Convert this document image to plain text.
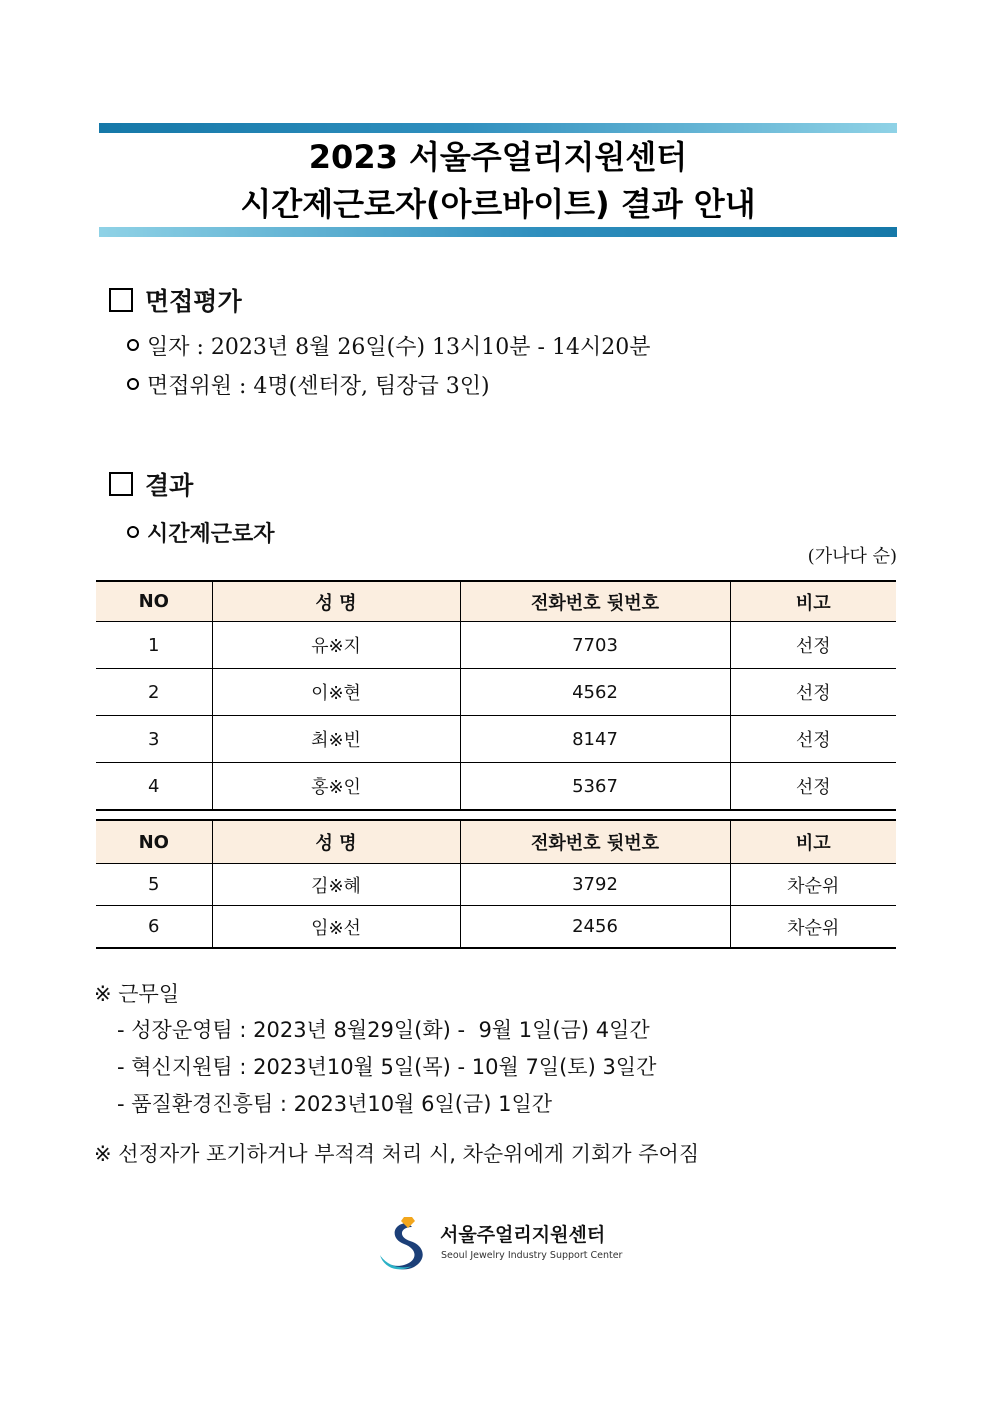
2023 서울주얼리지원센터
시간제근로자(아르바이트) 결과 안내
면접평가
일자 : 2023년 8월 26일(수) 13시10분 - 14시20분
면접위원 : 4명(센터장, 팀장급 3인)
결과
시간제근로자
(가나다 순)
NO	성 명	전화번호 뒷번호	비고
1	유※지	7703	선정
2	이※현	4562	선정
3	최※빈	8147	선정
4	홍※인	5367	선정
NO	성 명	전화번호 뒷번호	비고
5	김※혜	3792	차순위
6	임※선	2456	차순위
※ 근무일
- 성장운영팀 : 2023년 8월29일(화) -  9월 1일(금) 4일간
- 혁신지원팀 : 2023년10월 5일(목) - 10월 7일(토) 3일간
- 품질환경진흥팀 : 2023년10월 6일(금) 1일간
※ 선정자가 포기하거나 부적격 처리 시, 차순위에게 기회가 주어짐
서울주얼리지원센터
Seoul Jewelry Industry Support Center
